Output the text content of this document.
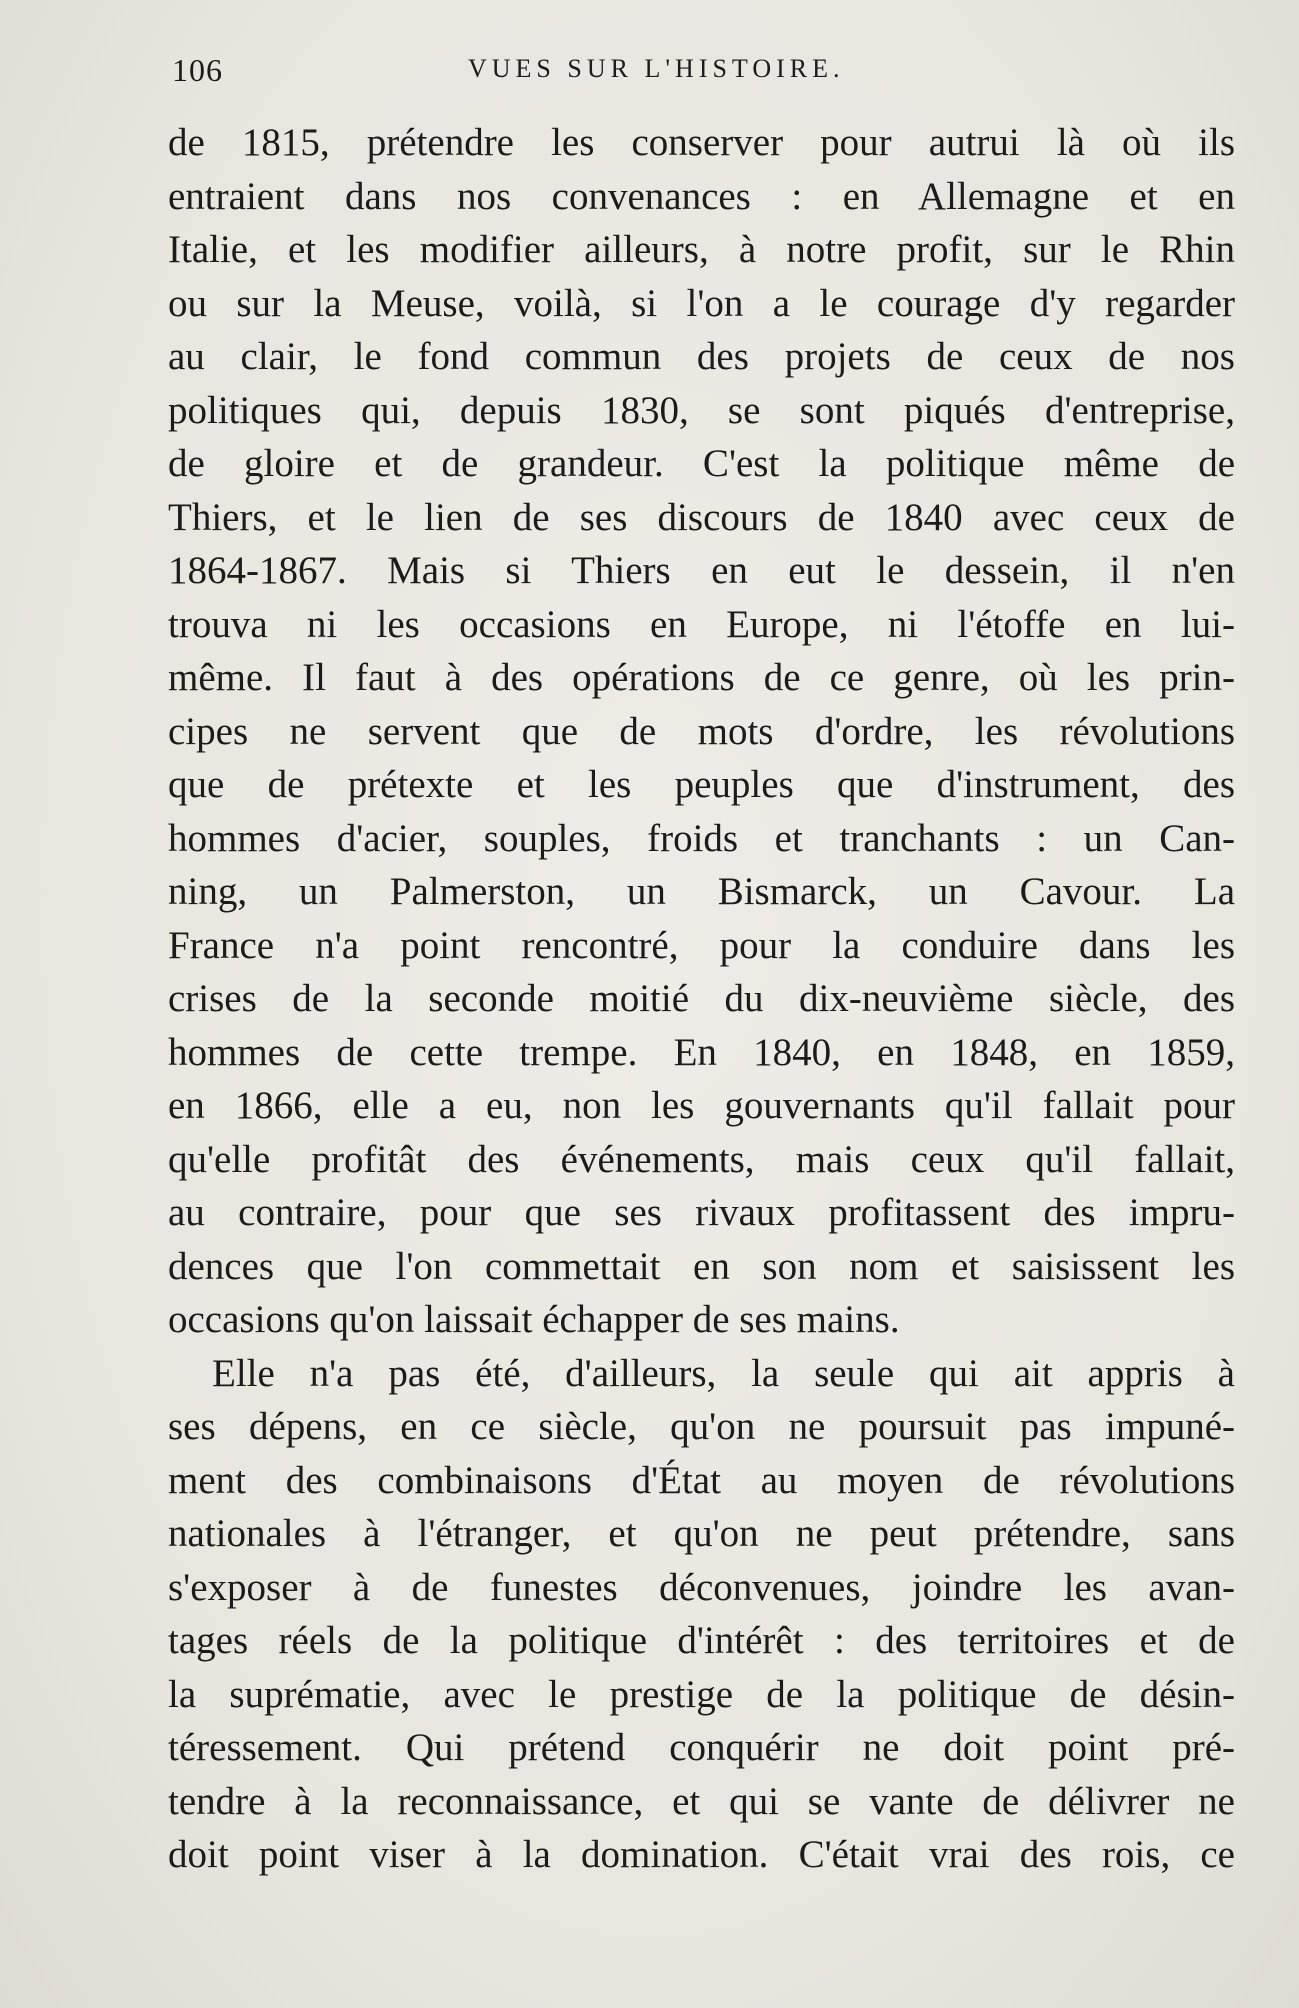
106	VUES SUR L'HISTOIRE.
de 1815, prétendre les conserver pour autrui là où ils
entraient dans nos convenances : en Allemagne et en
Italie, et les modifier ailleurs, à notre profit, sur le Rhin
ou sur la Meuse, voilà, si l'on a le courage d'y regarder
au clair, le fond commun des projets de ceux de nos
politiques qui, depuis 1830, se sont piqués d'entreprise,
de gloire et de grandeur. C'est la politique même de
Thiers, et le lien de ses discours de 1840 avec ceux de
1864-1867. Mais si Thiers en eut le dessein, il n'en
trouva ni les occasions en Europe, ni l'étoffe en lui-
même. Il faut à des opérations de ce genre, où les prin-
cipes ne servent que de mots d'ordre, les révolutions
que de prétexte et les peuples que d'instrument, des
hommes d'acier, souples, froids et tranchants : un Can-
ning, un Palmerston, un Bismarck, un Cavour. La
France n'a point rencontré, pour la conduire dans les
crises de la seconde moitié du dix-neuvième siècle, des
hommes de cette trempe. En 1840, en 1848, en 1859,
en 1866, elle a eu, non les gouvernants qu'il fallait pour
qu'elle profitât des événements, mais ceux qu'il fallait,
au contraire, pour que ses rivaux profitassent des impru-
dences que l'on commettait en son nom et saisissent les
occasions qu'on laissait échapper de ses mains.
Elle n'a pas été, d'ailleurs, la seule qui ait appris à
ses dépens, en ce siècle, qu'on ne poursuit pas impuné-
ment des combinaisons d'État au moyen de révolutions
nationales à l'étranger, et qu'on ne peut prétendre, sans
s'exposer à de funestes déconvenues, joindre les avan-
tages réels de la politique d'intérêt : des territoires et de
la suprématie, avec le prestige de la politique de désin-
téressement. Qui prétend conquérir ne doit point pré-
tendre à la reconnaissance, et qui se vante de délivrer ne
doit point viser à la domination. C'était vrai des rois, ce
